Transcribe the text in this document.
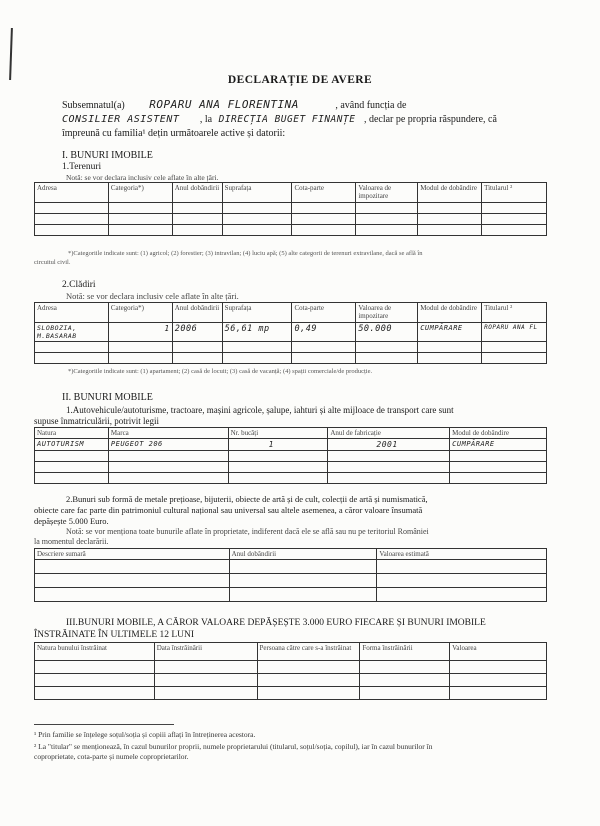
DECLARAȚIE DE AVERE
Subsemnatul(a) ROPARU ANA FLORENTINA	, având funcția de
CONSILIER ASISTENT , la DIRECȚIA BUGET FINANȚE , declar pe propria răspundere, că
împreună cu familia¹ dețin următoarele active și datorii:
I. BUNURI IMOBILE
1.Terenuri
Notă: se vor declara inclusiv cele aflate în alte țări.
Adresa	Categoria*)	Anul dobândirii	Suprafața	Cota-parte	Valoarea de impozitare	Modul de dobândire	Titularul ²

*)Categoriile indicate sunt: (1) agricol; (2) forestier; (3) intravilan; (4) luciu apă; (5) alte categorii de terenuri extravilane, dacă se află în
circuitul civil.
2.Clădiri
Notă: se vor declara inclusiv cele aflate în alte țări.
Adresa	Categoria*)	Anul dobândirii	Suprafața	Cota-parte	Valoarea de impozitare	Modul de dobândire	Titularul ²
SLOBOZIA, M.BASARAB	1	2006	56,61 mp	0,49	50.000	CUMPĂRARE	ROPARU ANA FL

*)Categoriile indicate sunt: (1) apartament; (2) casă de locuit; (3) casă de vacanță; (4) spații comerciale/de producție.
II. BUNURI MOBILE
1.Autovehicule/autoturisme, tractoare, mașini agricole, șalupe, iahturi și alte mijloace de transport care sunt
supuse înmatriculării, potrivit legii
Natura	Marca	Nr. bucăți	Anul de fabricație	Modul de dobândire
AUTOTURISM	PEUGEOT 206	1	2001	CUMPĂRARE

2.Bunuri sub formă de metale prețioase, bijuterii, obiecte de artă și de cult, colecții de artă și numismatică,
obiecte care fac parte din patrimoniul cultural național sau universal sau altele asemenea, a căror valoare însumată
depășește 5.000 Euro.
Notă: se vor menționa toate bunurile aflate în proprietate, indiferent dacă ele se află sau nu pe teritoriul României
la momentul declarării.
Descriere sumară	Anul dobândirii	Valoarea estimată

III.BUNURI MOBILE, A CĂROR VALOARE DEPĂȘEȘTE 3.000 EURO FIECARE ȘI BUNURI IMOBILE
ÎNSTRĂINATE ÎN ULTIMELE 12 LUNI
Natura bunului înstrăinat	Data înstrăinării	Persoana către care s-a înstrăinat	Forma înstrăinării	Valoarea

¹ Prin familie se înțelege soțul/soția și copiii aflați în întreținerea acestora.
² La "titular" se menționează, în cazul bunurilor proprii, numele proprietarului (titularul, soțul/soția, copilul), iar în cazul bunurilor în
coproprietate, cota-parte și numele coproprietarilor.
